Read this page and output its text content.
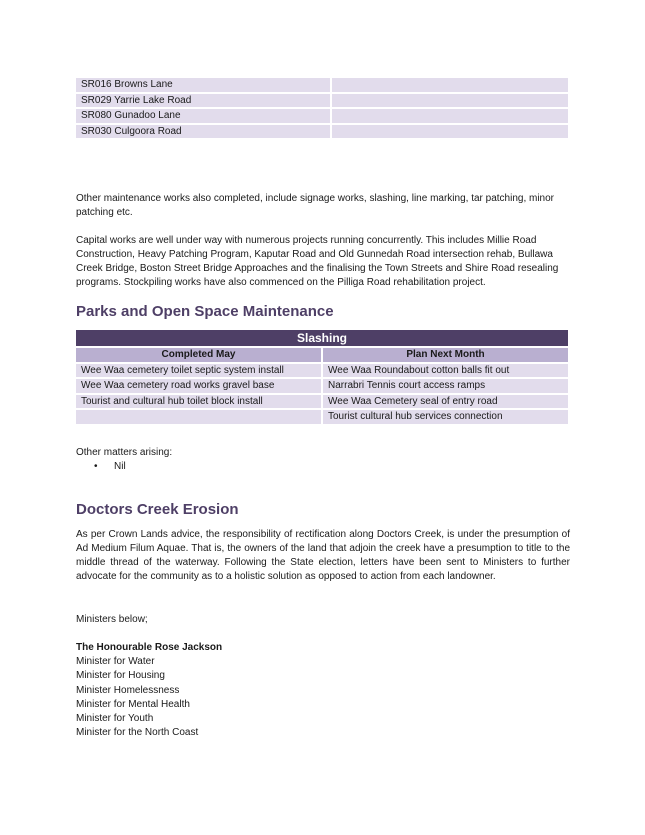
SR016 Browns Lane	
SR029 Yarrie Lake Road	
SR080 Gunadoo Lane	
SR030 Culgoora Road	

Other maintenance works also completed, include signage works, slashing, line marking, tar patching, minor patching etc.

Capital works are well under way with numerous projects running concurrently. This includes Millie Road Construction, Heavy Patching Program, Kaputar Road and Old Gunnedah Road intersection rehab, Bullawa Creek Bridge, Boston Street Bridge Approaches and the finalising the Town Streets and Shire Road resealing programs. Stockpiling works have also commenced on the Pilliga Road rehabilitation project.

Parks and Open Space Maintenance
Slashing	
Completed May	Plan Next Month
Wee Waa cemetery toilet septic system install	Wee Waa Roundabout cotton balls fit out
Wee Waa cemetery road works gravel base	Narrabri Tennis court access ramps
Tourist and cultural hub toilet block install	Wee Waa Cemetery seal of entry road
	Tourist cultural hub services connection

Other matters arising:

• Nil
Doctors Creek Erosion

As per Crown Lands advice, the responsibility of rectification along Doctors Creek, is under the presumption of Ad Medium Filum Aquae. That is, the owners of the land that adjoin the creek have a presumption to title to the middle thread of the waterway. Following the State election, letters have been sent to Ministers to further advocate for the community as to a holistic solution as opposed to action from each landowner.

Ministers below;

The Honourable Rose Jackson

Minister for Water

Minister for Housing

Minister Homelessness

Minister for Mental Health

Minister for Youth

Minister for the North Coast
